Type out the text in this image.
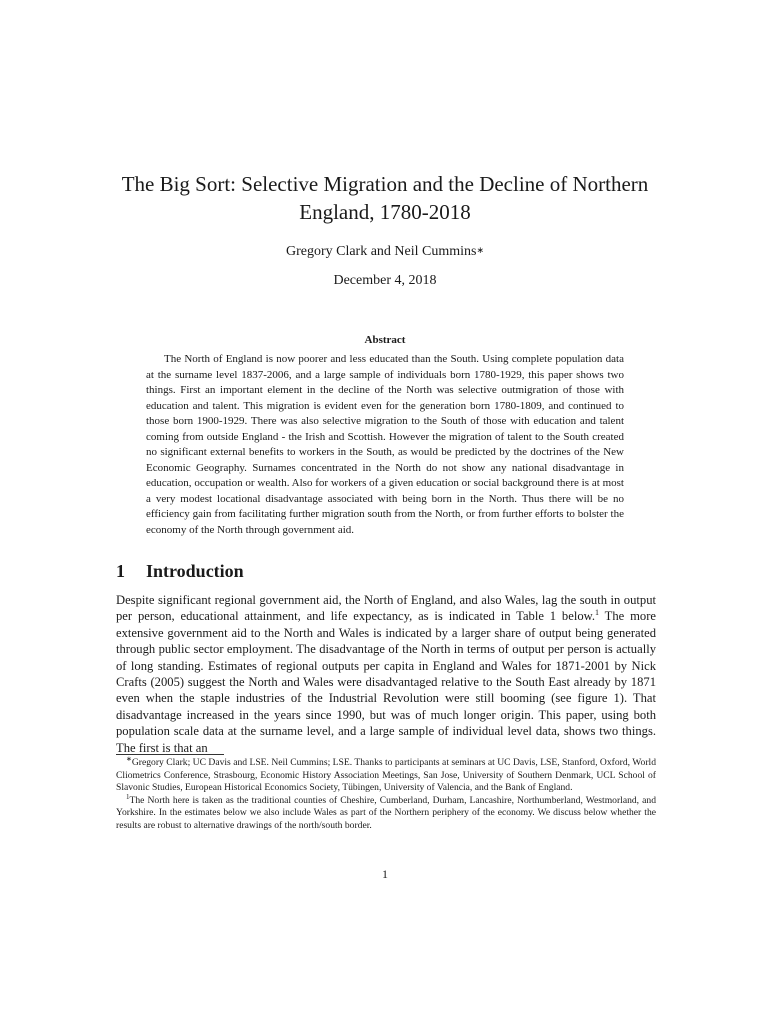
The Big Sort: Selective Migration and the Decline of Northern England, 1780-2018
Gregory Clark and Neil Cummins∗
December 4, 2018
Abstract

The North of England is now poorer and less educated than the South. Using complete population data at the surname level 1837-2006, and a large sample of individuals born 1780-1929, this paper shows two things. First an important element in the decline of the North was selective outmigration of those with education and talent. This migration is evident even for the generation born 1780-1809, and continued to those born 1900-1929. There was also selective migration to the South of those with education and talent coming from outside England - the Irish and Scottish. However the migration of talent to the South created no significant external benefits to workers in the South, as would be predicted by the doctrines of the New Economic Geography. Surnames concentrated in the North do not show any national disadvantage in education, occupation or wealth. Also for workers of a given education or social background there is at most a very modest locational disadvantage associated with being born in the North. Thus there will be no efficiency gain from facilitating further migration south from the North, or from further efforts to bolster the economy of the North through government aid.

1 Introduction

Despite significant regional government aid, the North of England, and also Wales, lag the south in output per person, educational attainment, and life expectancy, as is indicated in Table 1 below.$^1$ The more extensive government aid to the North and Wales is indicated by a larger share of output being generated through public sector employment. The disadvantage of the North in terms of output per person is actually of long standing. Estimates of regional outputs per capita in England and Wales for 1871-2001 by Nick Crafts (2005) suggest the North and Wales were disadvantaged relative to the South East already by 1871 even when the staple industries of the Industrial Revolution were still booming (see figure 1). That disadvantage increased in the years since 1990, but was of much longer origin. This paper, using both population scale data at the surname level, and a large sample of individual level data, shows two things. The first is that an

∗Gregory Clark; UC Davis and LSE. Neil Cummins; LSE. Thanks to participants at seminars at UC Davis, LSE, Stanford, Oxford, World Cliometrics Conference, Strasbourg, Economic History Association Meetings, San Jose, University of Southern Denmark, UCL School of Slavonic Studies, European Historical Economics Society, Tübingen, University of Valencia, and the Bank of England.

$^1$The North here is taken as the traditional counties of Cheshire, Cumberland, Durham, Lancashire, Northumberland, Westmorland, and Yorkshire. In the estimates below we also include Wales as part of the Northern periphery of the economy. We discuss below whether the results are robust to alternative drawings of the north/south border.

1
